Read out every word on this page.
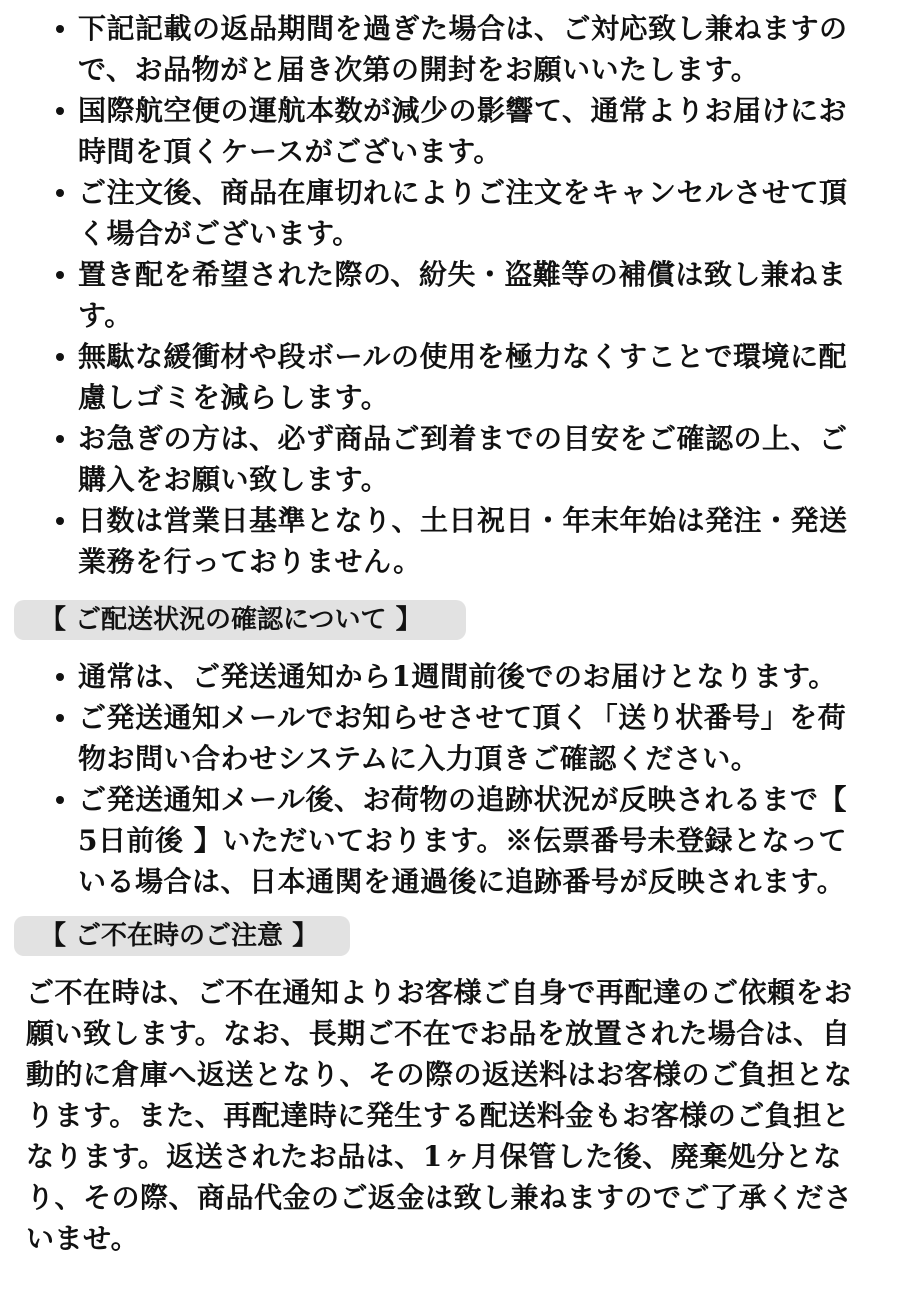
下記記載の返品期間を過ぎた場合は、ご対応致し兼ねますので、お品物がと届き次第の開封をお願いいたします。
国際航空便の運航本数が減少の影響て、通常よりお届けにお時間を頂くケースがございます。
ご注文後、商品在庫切れによりご注文をキャンセルさせて頂く場合がございます。
置き配を希望された際の、紛失・盗難等の補償は致し兼ねます。
無駄な緩衝材や段ボールの使用を極力なくすことで環境に配慮しゴミを減らします。
お急ぎの方は、必ず商品ご到着までの目安をご確認の上、ご購入をお願い致します。
日数は営業日基準となり、土日祝日・年末年始は発注・発送業務を行っておりません。
【 ご配送状況の確認について 】
通常は、ご発送通知から1週間前後でのお届けとなります。
ご発送通知メールでお知らせさせて頂く「送り状番号」を荷物お問い合わせシステムに入力頂きご確認ください。
ご発送通知メール後、お荷物の追跡状況が反映されるまで【 5日前後 】いただいております。※伝票番号未登録となっている場合は、日本通関を通過後に追跡番号が反映されます。
【 ご不在時のご注意 】

ご不在時は、ご不在通知よりお客様ご自身で再配達のご依頼をお願い致します。なお、長期ご不在でお品を放置された場合は、自動的に倉庫へ返送となり、その際の返送料はお客様のご負担となります。また、再配達時に発生する配送料金もお客様のご負担となります。返送されたお品は、1ヶ月保管した後、廃棄処分となり、その際、商品代金のご返金は致し兼ねますのでご了承くださいませ。
